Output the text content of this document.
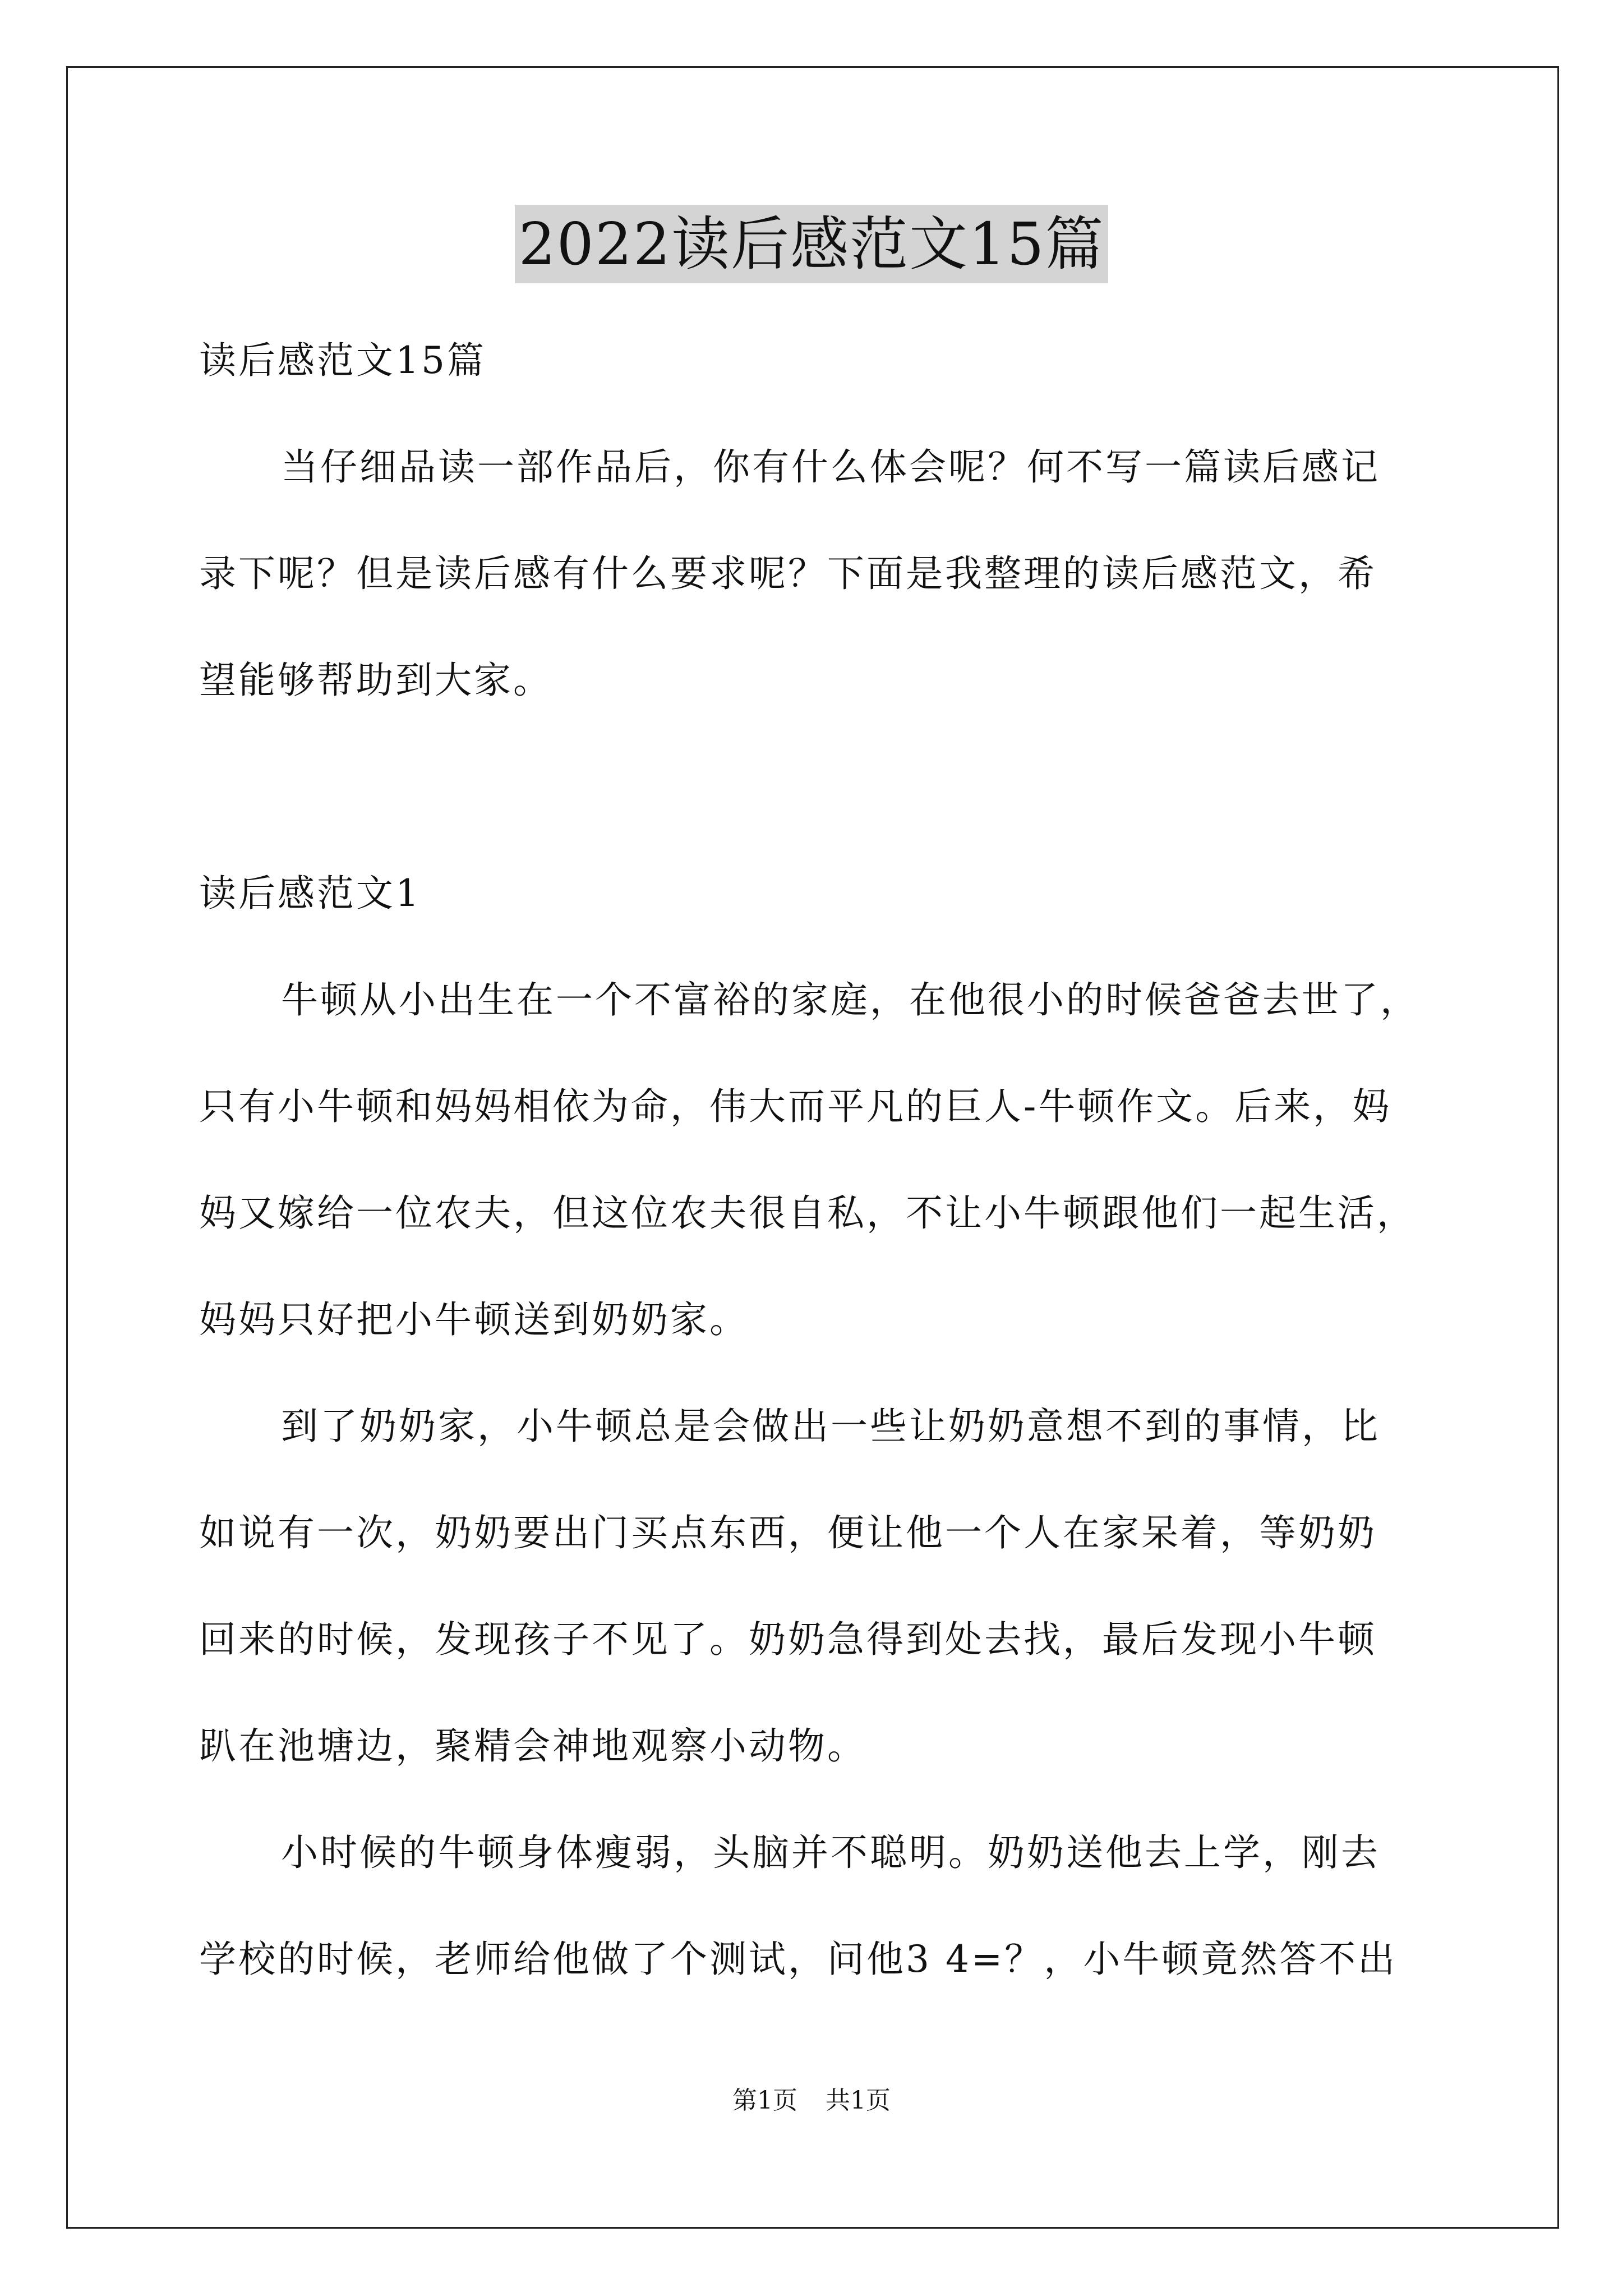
2022读后感范文15篇
读后感范文15篇
当仔细品读一部作品后，你有什么体会呢？何不写一篇读后感记
录下呢？但是读后感有什么要求呢？下面是我整理的读后感范文，希
望能够帮助到大家。
读后感范文1
牛顿从小出生在一个不富裕的家庭，在他很小的时候爸爸去世了，
只有小牛顿和妈妈相依为命，伟大而平凡的巨人-牛顿作文。后来，妈
妈又嫁给一位农夫，但这位农夫很自私，不让小牛顿跟他们一起生活，
妈妈只好把小牛顿送到奶奶家。
到了奶奶家，小牛顿总是会做出一些让奶奶意想不到的事情，比
如说有一次，奶奶要出门买点东西，便让他一个人在家呆着，等奶奶
回来的时候，发现孩子不见了。奶奶急得到处去找，最后发现小牛顿
趴在池塘边，聚精会神地观察小动物。
小时候的牛顿身体瘦弱，头脑并不聪明。奶奶送他去上学，刚去
学校的时候，老师给他做了个测试，问他3 4=？，小牛顿竟然答不出
第1页 共1页
